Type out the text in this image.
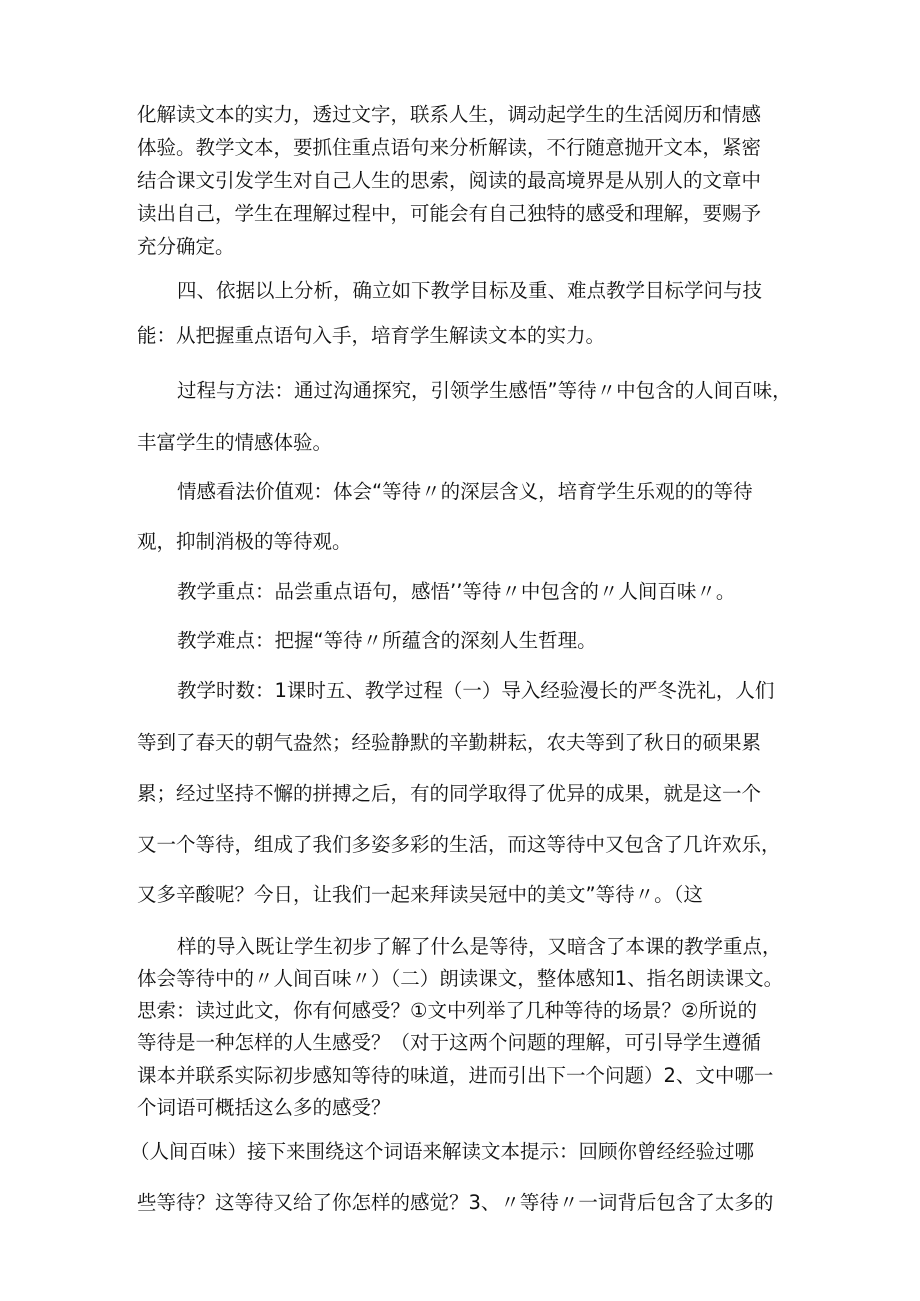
化解读文本的实力，透过文字，联系人生，调动起学生的生活阅历和情感
体验。教学文本，要抓住重点语句来分析解读，不行随意抛开文本，紧密
结合课文引发学生对自己人生的思索，阅读的最高境界是从别人的文章中
读出自己，学生在理解过程中，可能会有自己独特的感受和理解，要赐予
充分确定。
四、依据以上分析，确立如下教学目标及重、难点教学目标学问与技
能：从把握重点语句入手，培育学生解读文本的实力。
过程与方法：通过沟通探究，引领学生感悟”等待〃中包含的人间百味，
丰富学生的情感体验。
情感看法价值观：体会“等待〃的深层含义，培育学生乐观的的等待
观，抑制消极的等待观。
教学重点：品尝重点语句，感悟’’等待〃中包含的〃人间百味〃。
教学难点：把握“等待〃所蕴含的深刻人生哲理。
教学时数：1课时五、教学过程（一）导入经验漫长的严冬洗礼，人们
等到了春天的朝气盎然；经验静默的辛勤耕耘，农夫等到了秋日的硕果累
累；经过坚持不懈的拼搏之后，有的同学取得了优异的成果，就是这一个
又一个等待，组成了我们多姿多彩的生活，而这等待中又包含了几许欢乐，
又多辛酸呢？今日，让我们一起来拜读吴冠中的美文”等待〃。（这
样的导入既让学生初步了解了什么是等待，又暗含了本课的教学重点，
体会等待中的〃人间百味〃）（二）朗读课文，整体感知1、指名朗读课文。
思索：读过此文，你有何感受？①文中列举了几种等待的场景？②所说的
等待是一种怎样的人生感受？（对于这两个问题的理解，可引导学生遵循
课本并联系实际初步感知等待的味道，进而引出下一个问题）2、文中哪一
个词语可概括这么多的感受？
（人间百味）接下来围绕这个词语来解读文本提示：回顾你曾经经验过哪
些等待？这等待又给了你怎样的感觉？3、〃等待〃一词背后包含了太多的
